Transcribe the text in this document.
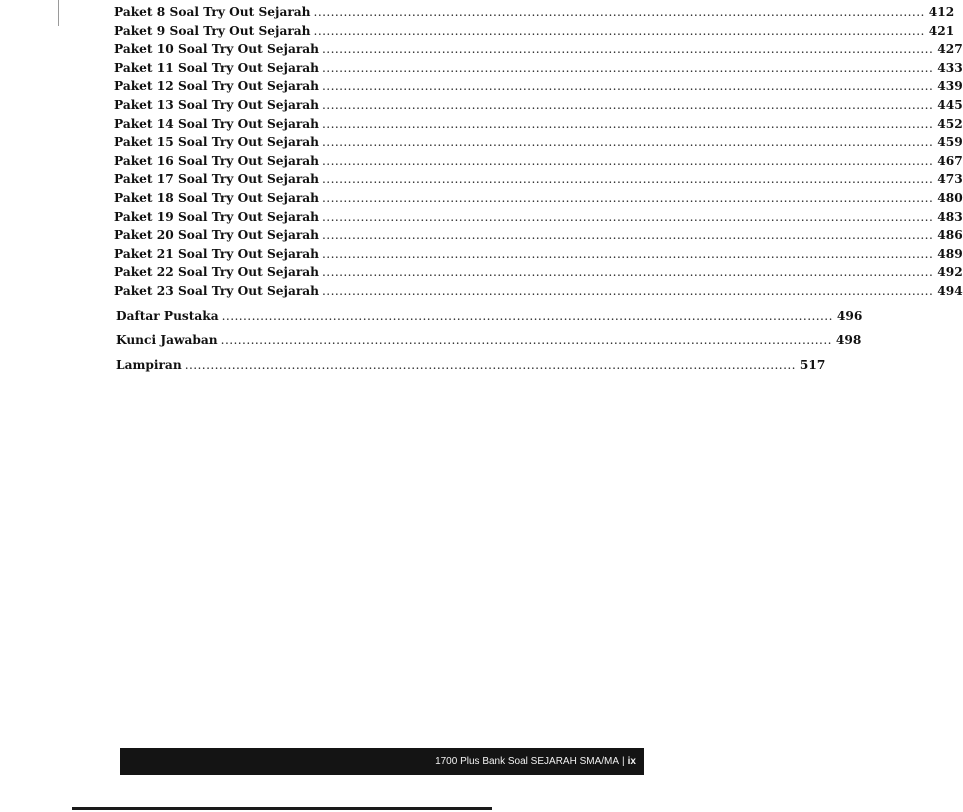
Paket 8 Soal Try Out Sejarah ............................................................................................................................................... 412
Paket 9 Soal Try Out Sejarah ............................................................................................................................................... 421
Paket 10 Soal Try Out Sejarah ............................................................................................................................................... 427
Paket 11 Soal Try Out Sejarah ............................................................................................................................................... 433
Paket 12 Soal Try Out Sejarah ............................................................................................................................................... 439
Paket 13 Soal Try Out Sejarah ............................................................................................................................................... 445
Paket 14 Soal Try Out Sejarah ............................................................................................................................................... 452
Paket 15 Soal Try Out Sejarah ............................................................................................................................................... 459
Paket 16 Soal Try Out Sejarah ............................................................................................................................................... 467
Paket 17 Soal Try Out Sejarah ............................................................................................................................................... 473
Paket 18 Soal Try Out Sejarah ............................................................................................................................................... 480
Paket 19 Soal Try Out Sejarah ............................................................................................................................................... 483
Paket 20 Soal Try Out Sejarah ............................................................................................................................................... 486
Paket 21 Soal Try Out Sejarah ............................................................................................................................................... 489
Paket 22 Soal Try Out Sejarah ............................................................................................................................................... 492
Paket 23 Soal Try Out Sejarah ............................................................................................................................................... 494
Daftar Pustaka ............................................................................................................................................... 496
Kunci Jawaban ............................................................................................................................................... 498
Lampiran ............................................................................................................................................... 517
1700 Plus Bank Soal SEJARAH SMA/MA | ix
